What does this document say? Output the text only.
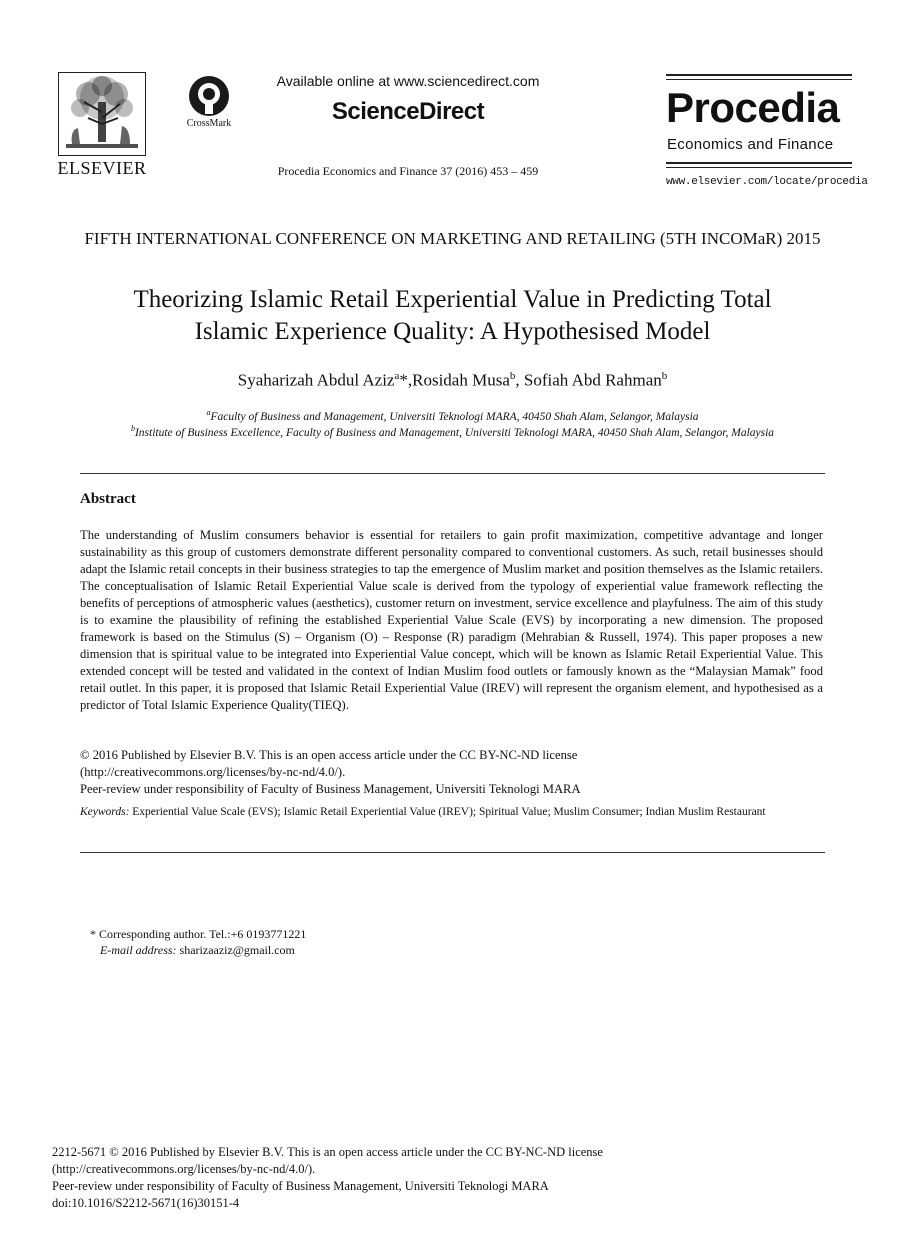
ELSEVIER
CrossMark
Available online at www.sciencedirect.com
ScienceDirect
Procedia Economics and Finance 37 (2016) 453 – 459
Procedia
Economics and Finance
www.elsevier.com/locate/procedia
FIFTH INTERNATIONAL CONFERENCE ON MARKETING AND RETAILING (5TH INCOMaR) 2015
Theorizing Islamic Retail Experiential Value in Predicting Total
Islamic Experience Quality: A Hypothesised Model
Syaharizah Abdul Aziz$^a$*,Rosidah Musa$^b$, Sofiah Abd Rahman$^b$
$^a$Faculty of Business and Management, Universiti Teknologi MARA, 40450 Shah Alam, Selangor, Malaysia
$^b$Institute of Business Excellence, Faculty of Business and Management, Universiti Teknologi MARA, 40450 Shah Alam, Selangor, Malaysia
Abstract
The understanding of Muslim consumers behavior is essential for retailers to gain profit maximization, competitive advantage and longer sustainability as this group of customers demonstrate different personality compared to conventional customers. As such, retail businesses should adapt the Islamic retail concepts in their business strategies to tap the emergence of Muslim market and position themselves as the Islamic retailers. The conceptualisation of Islamic Retail Experiential Value scale is derived from the typology of experiential value framework reflecting the benefits of perceptions of atmospheric values (aesthetics), customer return on investment, service excellence and playfulness. The aim of this study is to examine the plausibility of refining the established Experiential Value Scale (EVS) by incorporating a new dimension. The proposed framework is based on the Stimulus (S) – Organism (O) – Response (R) paradigm (Mehrabian & Russell, 1974). This paper proposes a new dimension that is spiritual value to be integrated into Experiential Value concept, which will be known as Islamic Retail Experiential Value. This extended concept will be tested and validated in the context of Indian Muslim food outlets or famously known as the “Malaysian Mamak” food retail outlet. In this paper, it is proposed that Islamic Retail Experiential Value (IREV) will represent the organism element, and hypothesised as a predictor of Total Islamic Experience Quality(TIEQ).
© 2016 Published by Elsevier B.V. This is an open access article under the CC BY-NC-ND license
(http://creativecommons.org/licenses/by-nc-nd/4.0/).
Peer-review under responsibility of Faculty of Business Management, Universiti Teknologi MARA
Keywords: Experiential Value Scale (EVS); Islamic Retail Experiential Value (IREV); Spiritual Value; Muslim Consumer; Indian Muslim Restaurant
* Corresponding author. Tel.:+6 0193771221
E-mail address: sharizaaziz@gmail.com
2212-5671 © 2016 Published by Elsevier B.V. This is an open access article under the CC BY-NC-ND license
(http://creativecommons.org/licenses/by-nc-nd/4.0/).
Peer-review under responsibility of Faculty of Business Management, Universiti Teknologi MARA
doi:10.1016/S2212-5671(16)30151-4
